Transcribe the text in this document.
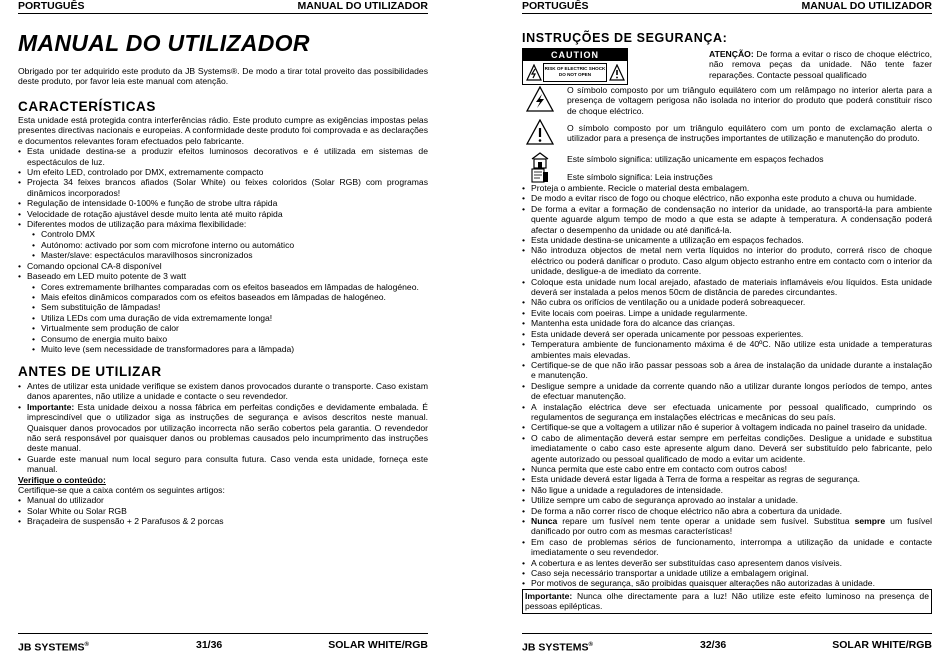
PORTUGUÊS	MANUAL DO UTILIZADOR
MANUAL DO UTILIZADOR

Obrigado por ter adquirido este produto da JB Systems®. De modo a tirar total proveito das possibilidades deste produto, por favor leia este manual com atenção.

CARACTERÍSTICAS

Esta unidade está protegida contra interferências rádio. Este produto cumpre as exigências impostas pelas presentes directivas nacionais e europeias. A conformidade deste produto foi comprovada e as declarações e documentos relevantes foram efectuados pelo fabricante.

• Esta unidade destina-se a produzir efeitos luminosos decorativos e é utilizada em sistemas de espectáculos de luz.
• Um efeito LED, controlado por DMX, extremamente compacto
• Projecta 34 feixes brancos afiados (Solar White) ou feixes coloridos (Solar RGB) com programas dinâmicos incorporados!
• Regulação de intensidade 0-100% e função de strobe ultra rápida
• Velocidade de rotação ajustável desde muito lenta até muito rápida
• Diferentes modos de utilização para máxima flexibilidade:
• Controlo DMX
• Autónomo: activado por som com microfone interno ou automático
• Master/slave: espectáculos maravilhosos sincronizados
• Comando opcional CA-8 disponível
• Baseado em LED muito potente de 3 watt
• Cores extremamente brilhantes comparadas com os efeitos baseados em lâmpadas de halogéneo.
• Mais efeitos dinâmicos comparados com os efeitos baseados em lâmpadas de halogéneo.
• Sem substituição de lâmpadas!
• Utiliza LEDs com uma duração de vida extremamente longa!
• Virtualmente sem produção de calor
• Consumo de energia muito baixo
• Muito leve (sem necessidade de transformadores para a lâmpada)
ANTES DE UTILIZAR
• Antes de utilizar esta unidade verifique se existem danos provocados durante o transporte. Caso existam danos aparentes, não utilize a unidade e contacte o seu revendedor.
• Importante: Esta unidade deixou a nossa fábrica em perfeitas condições e devidamente embalada. É imprescindível que o utilizador siga as instruções de segurança e avisos descritos neste manual. Quaisquer danos provocados por utilização incorrecta não serão cobertos pela garantia. O revendedor não será responsável por quaisquer danos ou problemas causados pelo incumprimento das instruções deste manual.
• Guarde este manual num local seguro para consulta futura. Caso venda esta unidade, forneça este manual.

Verifique o conteúdo:

Certifique-se que a caixa contém os seguintes artigos:

• Manual do utilizador
• Solar White ou Solar RGB
• Braçadeira de suspensão + 2 Parafusos & 2 porcas
JB SYSTEMS®	31/36	SOLAR WHITE/RGB
PORTUGUÊS	MANUAL DO UTILIZADOR
INSTRUÇÕES DE SEGURANÇA:
CAUTION
RISK OF ELECTRIC SHOCK
DO NOT OPEN

ATENÇÃO: De forma a evitar o risco de choque eléctrico, não remova peças da unidade. Não tente fazer reparações. Contacte pessoal qualificado

O símbolo composto por um triângulo equilátero com um relâmpago no interior alerta para a presença de voltagem perigosa não isolada no interior do produto que poderá constituir risco de choque eléctrico.

O símbolo composto por um triângulo equilátero com um ponto de exclamação alerta o utilizador para a presença de instruções importantes de utilização e manutenção do produto.

Este símbolo significa: utilização unicamente em espaços fechados

Este símbolo significa: Leia instruções

• Proteja o ambiente. Recicle o material desta embalagem.
• De modo a evitar risco de fogo ou choque eléctrico, não exponha este produto a chuva ou humidade.
• De forma a evitar a formação de condensação no interior da unidade, ao transportá-la para ambiente quente aguarde algum tempo de modo a que esta se adapte à temperatura. A condensação poderá afectar o desempenho da unidade ou até danificá-la.
• Esta unidade destina-se unicamente a utilização em espaços fechados.
• Não introduza objectos de metal nem verta líquidos no interior do produto, correrá risco de choque eléctrico ou poderá danificar o produto. Caso algum objecto estranho entre em contacto com o interior da unidade, desligue-a de imediato da corrente.
• Coloque esta unidade num local arejado, afastado de materiais inflamáveis e/ou líquidos. Esta unidade deverá ser instalada a pelos menos 50cm de distância de paredes circundantes.
• Não cubra os orifícios de ventilação ou a unidade poderá sobreaquecer.
• Evite locais com poeiras. Limpe a unidade regularmente.
• Mantenha esta unidade fora do alcance das crianças.
• Esta unidade deverá ser operada unicamente por pessoas experientes.
• Temperatura ambiente de funcionamento máxima é de 40ºC. Não utilize esta unidade a temperaturas ambientes mais elevadas.
• Certifique-se de que não irão passar pessoas sob a área de instalação da unidade durante a instalação e manutenção.
• Desligue sempre a unidade da corrente quando não a utilizar durante longos períodos de tempo, antes de efectuar manutenção.
• A instalação eléctrica deve ser efectuada unicamente por pessoal qualificado, cumprindo os regulamentos de segurança em instalações eléctricas e mecânicas do seu país.
• Certifique-se que a voltagem a utilizar não é superior à voltagem indicada no painel traseiro da unidade.
• O cabo de alimentação deverá estar sempre em perfeitas condições. Desligue a unidade e substitua imediatamente o cabo caso este apresente algum dano. Deverá ser substituído pelo fabricante, pelo agente autorizado ou pessoal qualificado de modo a evitar um acidente.
• Nunca permita que este cabo entre em contacto com outros cabos!
• Esta unidade deverá estar ligada à Terra de forma a respeitar as regras de segurança.
• Não ligue a unidade a reguladores de intensidade.
• Utilize sempre um cabo de segurança aprovado ao instalar a unidade.
• De forma a não correr risco de choque eléctrico não abra a cobertura da unidade.
• Nunca repare um fusível nem tente operar a unidade sem fusível. Substitua sempre um fusível danificado por outro com as mesmas características!
• Em caso de problemas sérios de funcionamento, interrompa a utilização da unidade e contacte imediatamente o seu revendedor.
• A cobertura e as lentes deverão ser substituídas caso apresentem danos visíveis.
• Caso seja necessário transportar a unidade utilize a embalagem original.
• Por motivos de segurança, são proibidas quaisquer alterações não autorizadas à unidade.

Importante: Nunca olhe directamente para a luz! Não utilize este efeito luminoso na presença de pessoas epilépticas.

JB SYSTEMS®	32/36	SOLAR WHITE/RGB
